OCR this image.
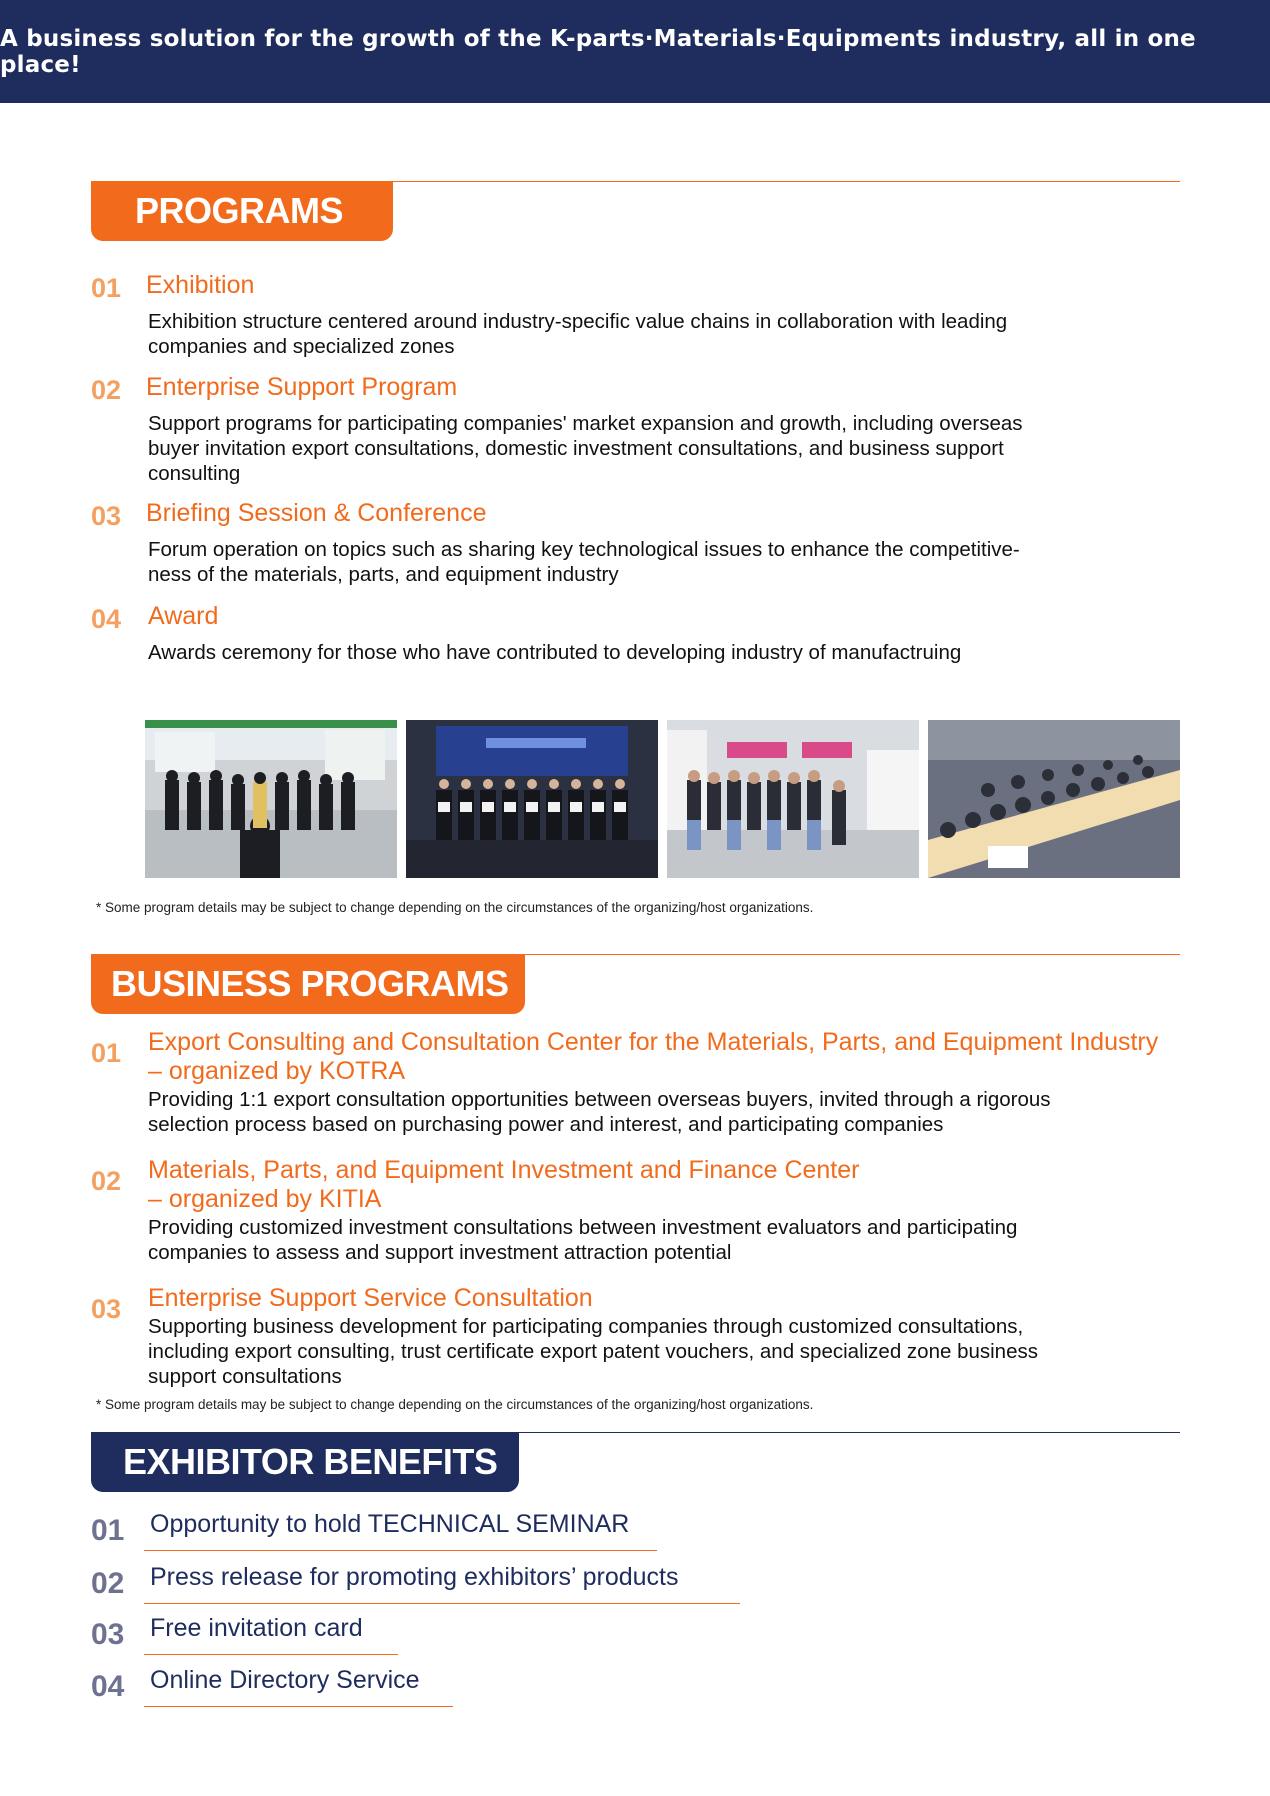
A business solution for the growth of the K-parts·Materials·Equipments industry, all in one place!
PROGRAMS
01 Exhibition
Exhibition structure centered around industry-specific value chains in collaboration with leading
companies and specialized zones
02 Enterprise Support Program
Support programs for participating companies' market expansion and growth, including overseas
buyer invitation export consultations, domestic investment consultations, and business support
consulting
03 Briefing Session & Conference
Forum operation on topics such as sharing key technological issues to enhance the competitive-
ness of the materials, parts, and equipment industry
04 Award
Awards ceremony for those who have contributed to developing industry of manufactruing
* Some program details may be subject to change depending on the circumstances of the organizing/host organizations.
BUSINESS PROGRAMS
01 Export Consulting and Consultation Center for the Materials, Parts, and Equipment Industry
– organized by KOTRA
Providing 1:1 export consultation opportunities between overseas buyers, invited through a rigorous
selection process based on purchasing power and interest, and participating companies
02 Materials, Parts, and Equipment Investment and Finance Center
– organized by KITIA
Providing customized investment consultations between investment evaluators and participating
companies to assess and support investment attraction potential
03 Enterprise Support Service Consultation
Supporting business development for participating companies through customized consultations,
including export consulting, trust certificate export patent vouchers, and specialized zone business
support consultations
* Some program details may be subject to change depending on the circumstances of the organizing/host organizations.
EXHIBITOR BENEFITS
01 Opportunity to hold TECHNICAL SEMINAR
02 Press release for promoting exhibitors’ products
03 Free invitation card
04 Online Directory Service
